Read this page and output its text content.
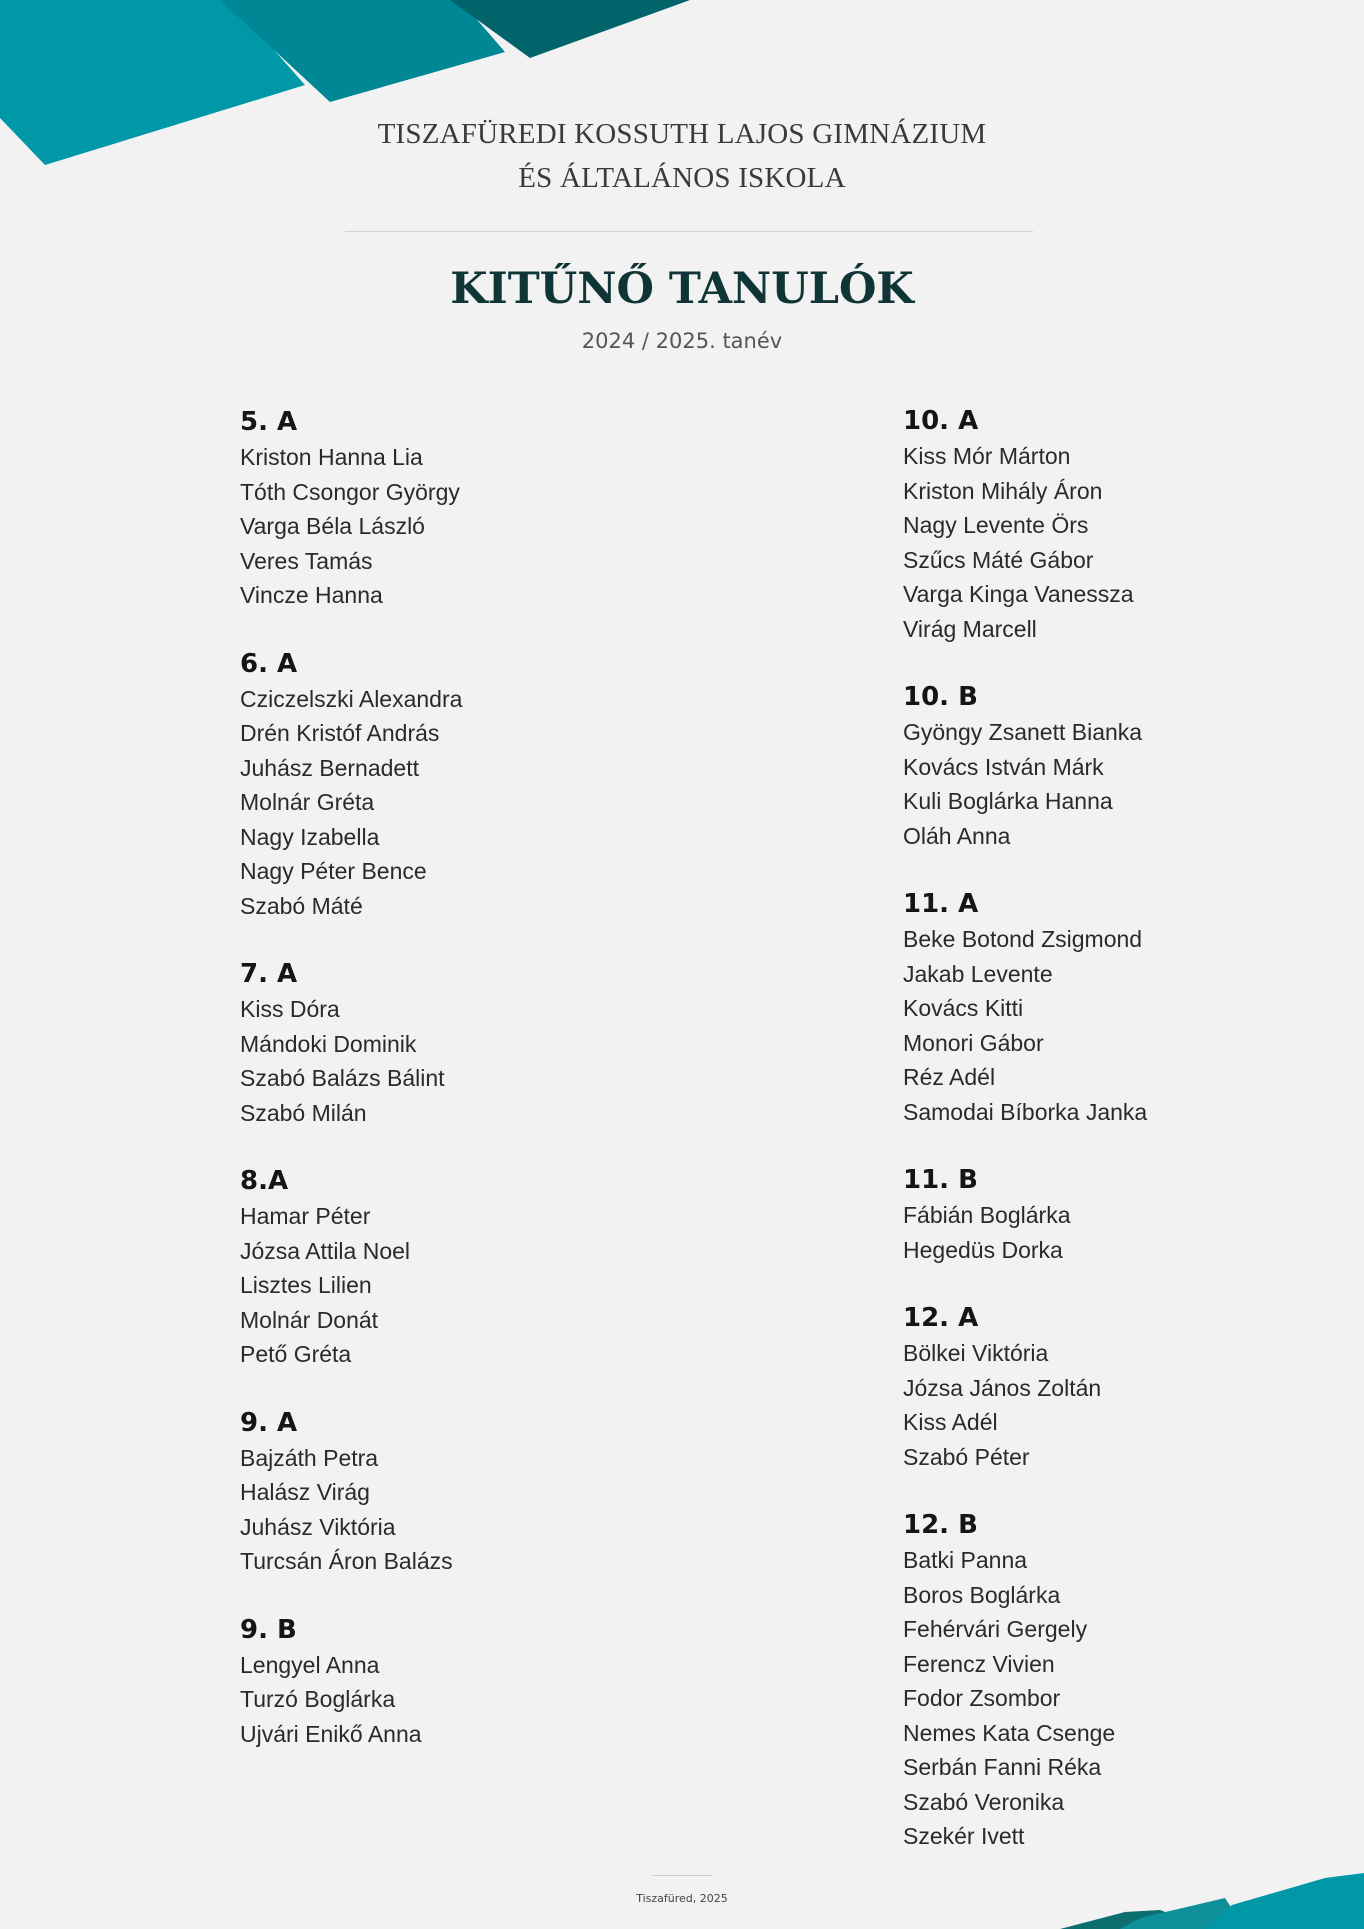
TISZAFÜREDI KOSSUTH LAJOS GIMNÁZIUM
ÉS ÁLTALÁNOS ISKOLA
KITŰNŐ TANULÓK
2024 / 2025. tanév
5. A
Kriston Hanna Lia
Tóth Csongor György
Varga Béla László
Veres Tamás
Vincze Hanna
6. A
Cziczelszki Alexandra
Drén Kristóf András
Juhász Bernadett
Molnár Gréta
Nagy Izabella
Nagy Péter Bence
Szabó Máté
7. A
Kiss Dóra
Mándoki Dominik
Szabó Balázs Bálint
Szabó Milán
8.A
Hamar Péter
Józsa Attila Noel
Lisztes Lilien
Molnár Donát
Pető Gréta
9. A
Bajzáth Petra
Halász Virág
Juhász Viktória
Turcsán Áron Balázs
9. B
Lengyel Anna
Turzó Boglárka
Ujvári Enikő Anna
10. A
Kiss Mór Márton
Kriston Mihály Áron
Nagy Levente Örs
Szűcs Máté Gábor
Varga Kinga Vanessza
Virág Marcell
10. B
Gyöngy Zsanett Bianka
Kovács István Márk
Kuli Boglárka Hanna
Oláh Anna
11. A
Beke Botond Zsigmond
Jakab Levente
Kovács Kitti
Monori Gábor
Réz Adél
Samodai Bíborka Janka
11. B
Fábián Boglárka
Hegedüs Dorka
12. A
Bölkei Viktória
Józsa János Zoltán
Kiss Adél
Szabó Péter
12. B
Batki Panna
Boros Boglárka
Fehérvári Gergely
Ferencz Vivien
Fodor Zsombor
Nemes Kata Csenge
Serbán Fanni Réka
Szabó Veronika
Szekér Ivett
Tiszafüred, 2025
